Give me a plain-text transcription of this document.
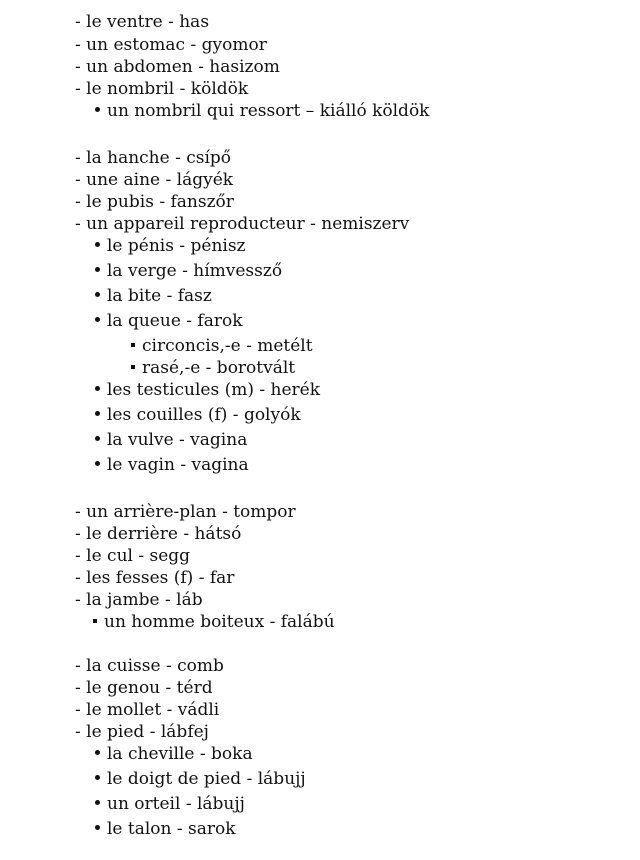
- le ventre - has
- un estomac - gyomor
- un abdomen - hasizom
- le nombril - köldök
un nombril qui ressort – kiálló köldök
- la hanche - csípő
- une aine - lágyék
- le pubis - fanszőr
- un appareil reproducteur - nemiszerv
le pénis - pénisz
la verge - hímvessző
la bite - fasz
la queue - farok
circoncis,-e - metélt
rasé,-e - borotvált
les testicules (m) - herék
les couilles (f) - golyók
la vulve - vagina
le vagin - vagina
- un arrière-plan - tompor
- le derrière - hátsó
- le cul - segg
- les fesses (f) - far
- la jambe - láb
un homme boiteux - falábú
- la cuisse - comb
- le genou - térd
- le mollet - vádli
- le pied - lábfej
la cheville - boka
le doigt de pied - lábujj
un orteil - lábujj
le talon - sarok
